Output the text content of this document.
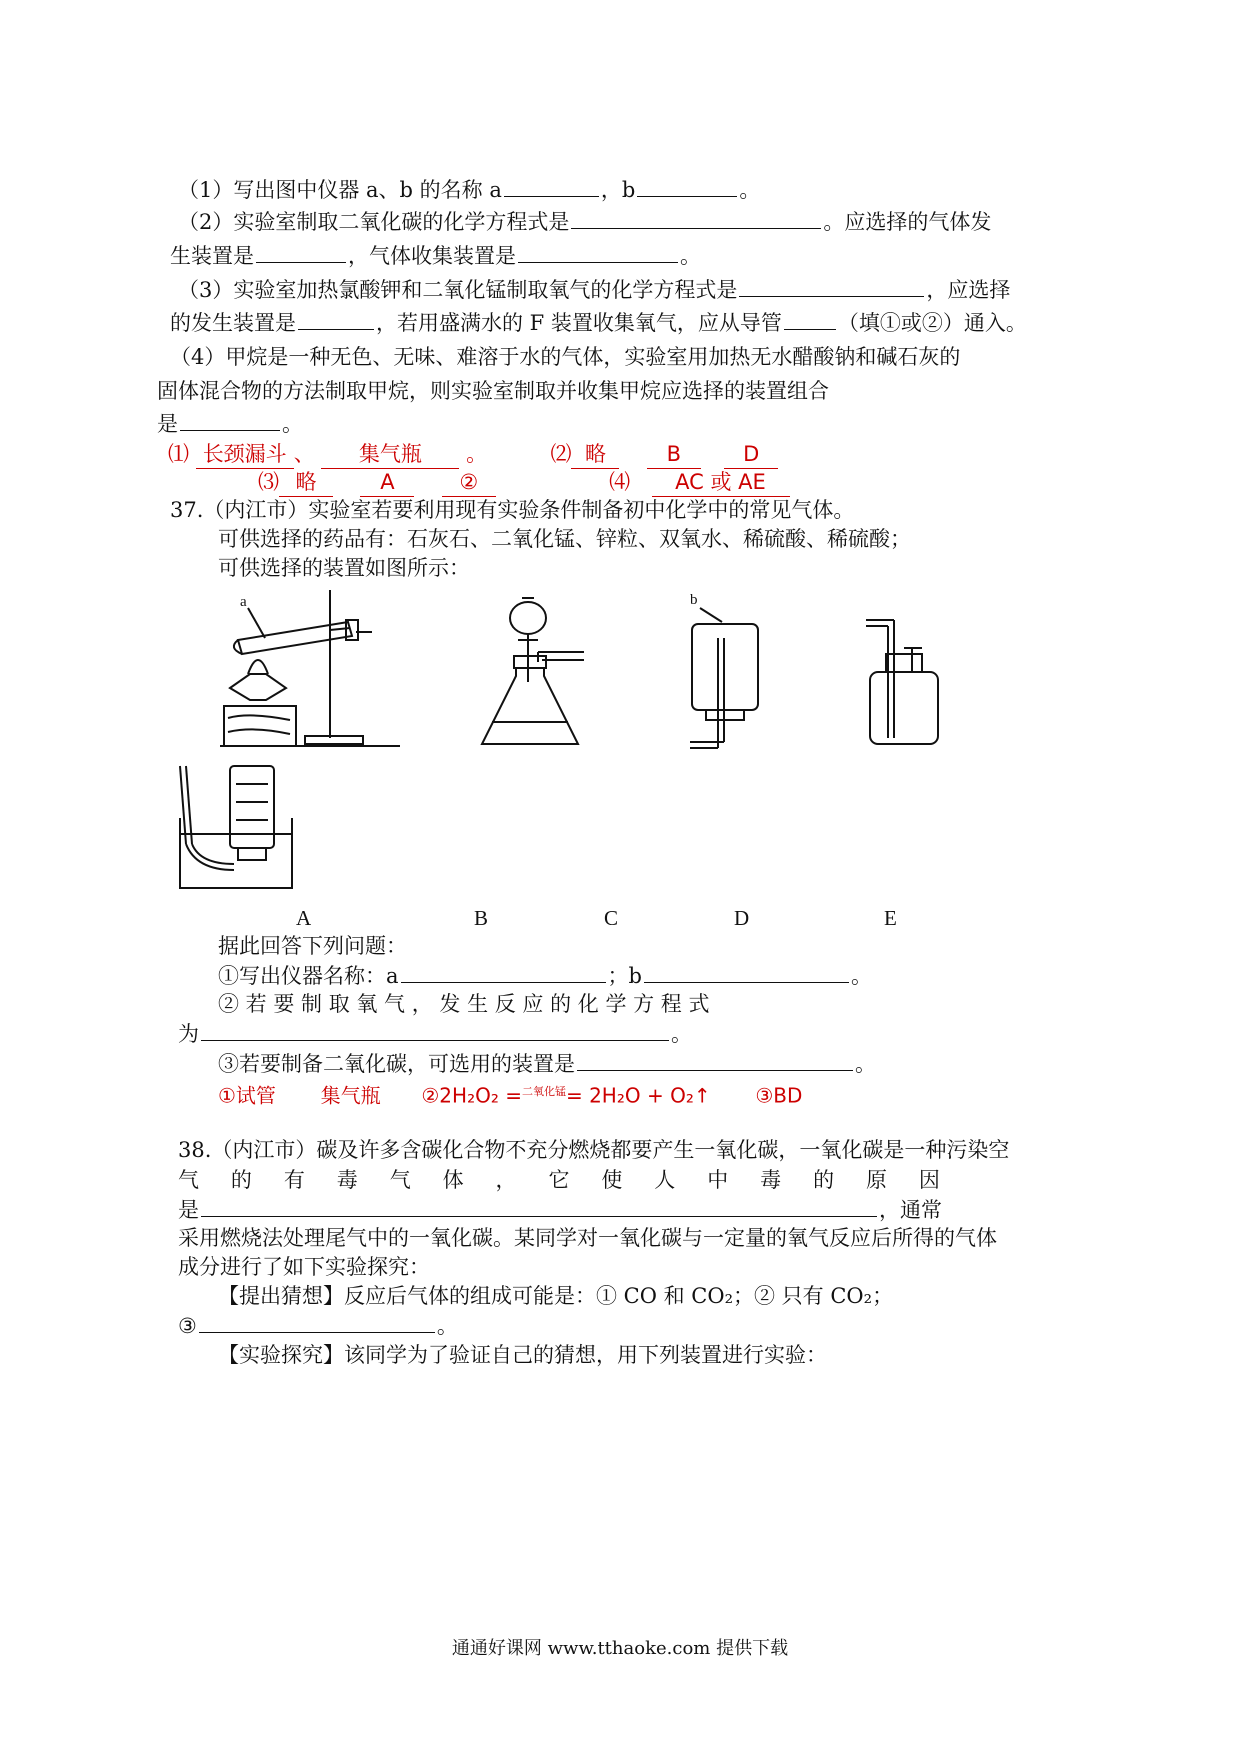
（1）写出图中仪器 a、b 的名称 a	，b	。
（2）实验室制取二氧化碳的化学方程式是	。应选择的气体发
生装置是	，气体收集装置是	。
（3）实验室加热氯酸钾和二氧化锰制取氧气的化学方程式是	，应选择
的发生装置是	，若用盛满水的 F 装置收集氧气，应从导管	（填①或②）通入。
（4）甲烷是一种无色、无味、难溶于水的气体，实验室用加热无水醋酸钠和碱石灰的
固体混合物的方法制取甲烷，则实验室制取并收集甲烷应选择的装置组合
是	。
⑴ 长颈漏斗 、 集气瓶 。	⑵ 略	B	D
⑶ 略	A	②	⑷ AC 或 AE
37.（内江市）实验室若要利用现有实验条件制备初中化学中的常见气体。
可供选择的药品有：石灰石、二氧化锰、锌粒、双氧水、稀硫酸、稀硫酸；
可供选择的装置如图所示：
a	b
A	B	C	D	E
据此回答下列问题：
①写出仪器名称：a	；b	。
② 若 要 制 取 氧 气 ， 发 生 反 应 的 化 学 方 程 式
为	。
③若要制备二氧化碳，可选用的装置是	。
①试管 集气瓶 ②2H₂O₂ =$^{二氧化锰}$= 2H₂O + O₂↑ ③BD
38.（内江市）碳及许多含碳化合物不充分燃烧都要产生一氧化碳，一氧化碳是一种污染空
气 的 有 毒 气 体 ， 它 使 人 中 毒 的 原 因
是	，通常
采用燃烧法处理尾气中的一氧化碳。某同学对一氧化碳与一定量的氧气反应后所得的气体
成分进行了如下实验探究：
【提出猜想】反应后气体的组成可能是：① CO 和 CO₂；② 只有 CO₂；
③	。
【实验探究】该同学为了验证自己的猜想，用下列装置进行实验：
通通好课网 www.tthaoke.com 提供下载
